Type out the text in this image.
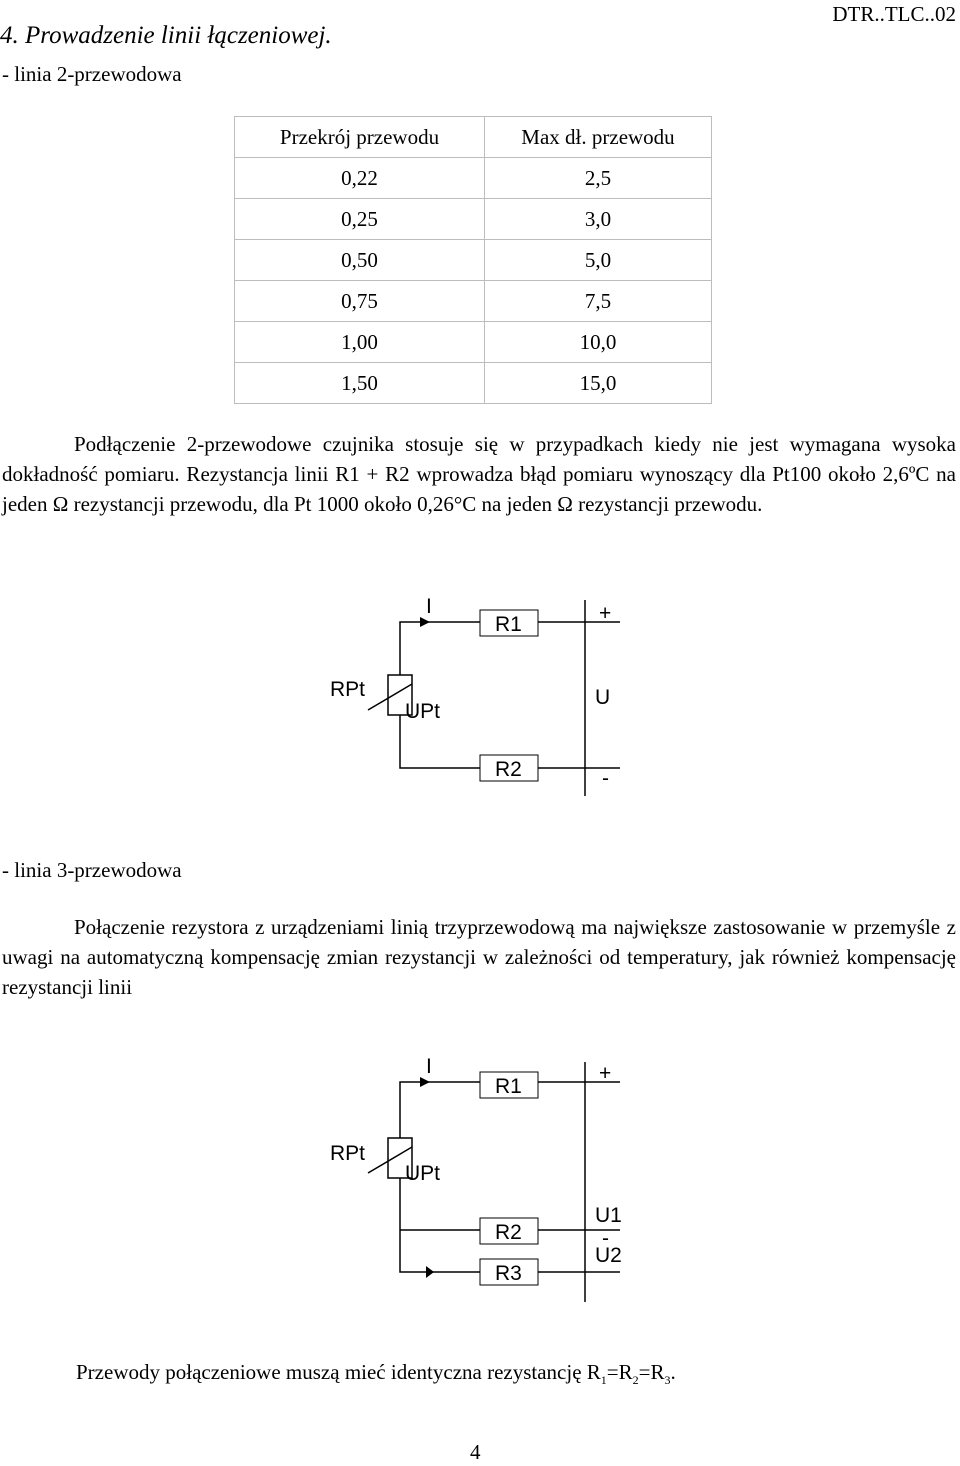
4. Prowadzenie linii łączeniowej.
DTR..TLC..02
- linia 2-przewodowa
Przekrój przewodu	Max dł. przewodu
0,22	2,5
0,25	3,0
0,50	5,0
0,75	7,5
1,00	10,0
1,50	15,0
Podłączenie 2-przewodowe czujnika stosuje się w przypadkach kiedy nie jest wymagana wysoka dokładność pomiaru. Rezystancja linii R1 + R2 wprowadza błąd pomiaru wynoszący dla Pt100 około 2,6ºC na jeden Ω rezystancji przewodu, dla Pt 1000 około 0,26°C na jeden Ω rezystancji przewodu.
I
R1
R2
RPt
UPt
U
+
-
- linia 3-przewodowa
Połączenie rezystora z urządzeniami linią trzyprzewodową ma największe zastosowanie w przemyśle z uwagi na automatyczną kompensację zmian rezystancji w zależności od temperatury, jak również kompensację rezystancji linii
I
R1
R2
R3
RPt
UPt
U1
U2
+
-
Przewody połączeniowe muszą mieć identyczna rezystancję $R_1=R_2=R_3$.
4
